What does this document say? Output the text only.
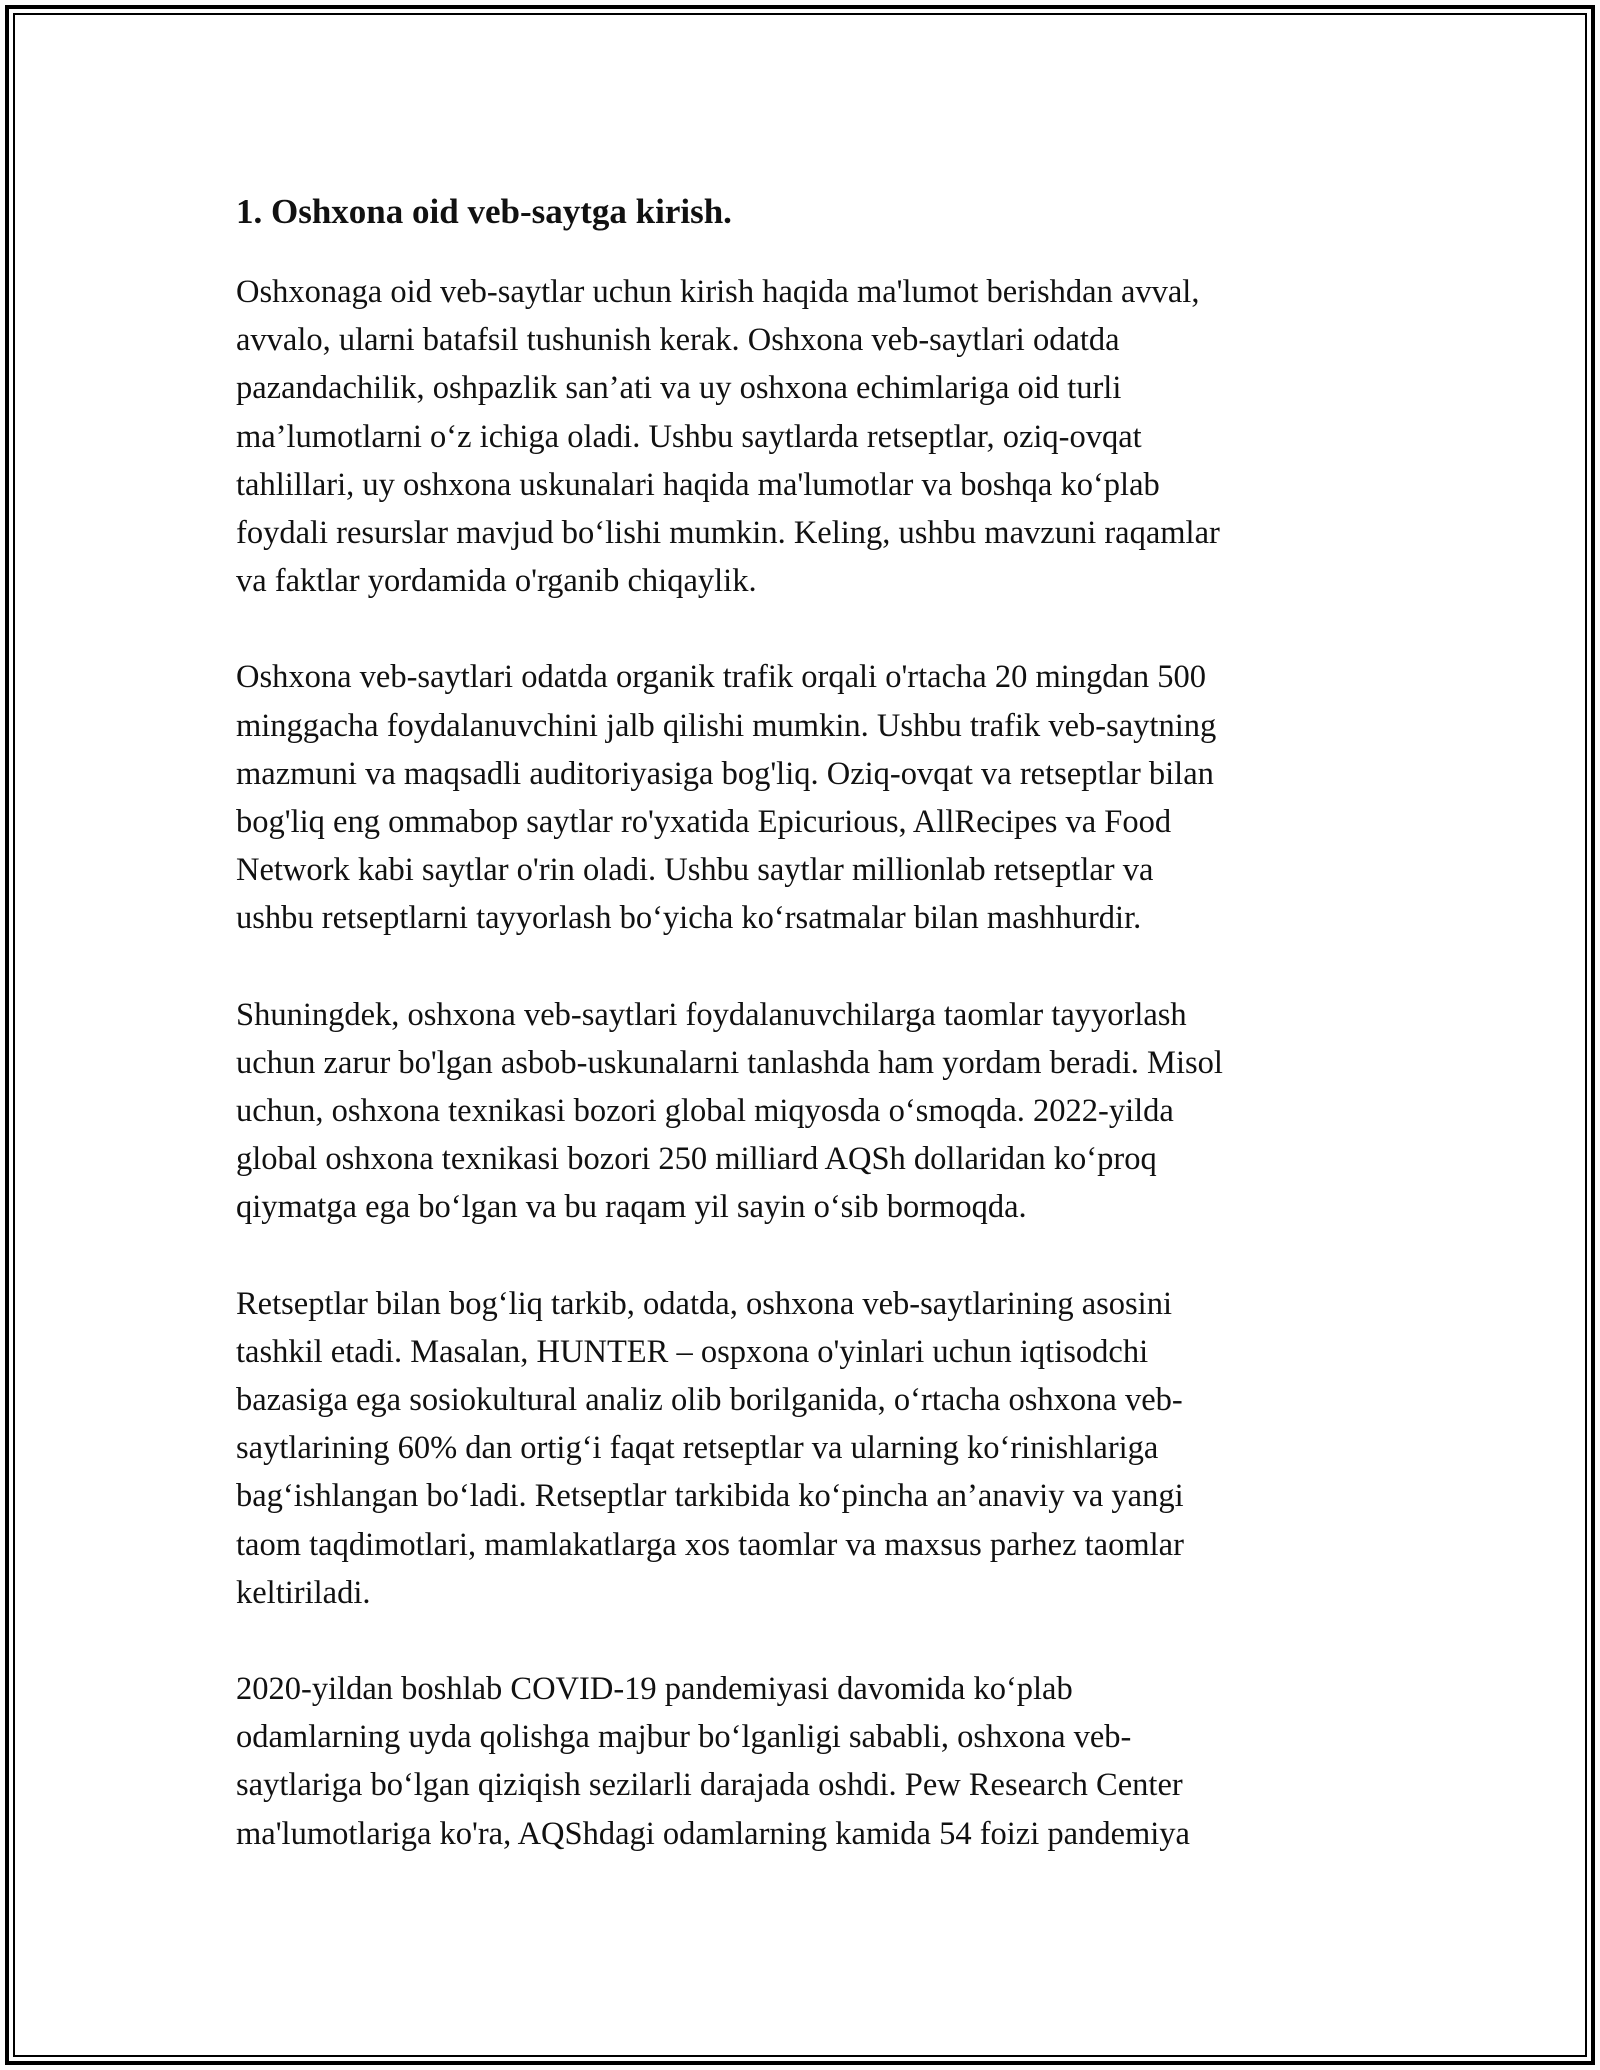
1. Oshxona oid veb-saytga kirish.

Oshxonaga oid veb-saytlar uchun kirish haqida ma'lumot berishdan avval,
avvalo, ularni batafsil tushunish kerak. Oshxona veb-saytlari odatda
pazandachilik, oshpazlik san’ati va uy oshxona echimlariga oid turli
ma’lumotlarni o‘z ichiga oladi. Ushbu saytlarda retseptlar, oziq-ovqat
tahlillari, uy oshxona uskunalari haqida ma'lumotlar va boshqa ko‘plab
foydali resurslar mavjud bo‘lishi mumkin. Keling, ushbu mavzuni raqamlar
va faktlar yordamida o'rganib chiqaylik.

Oshxona veb-saytlari odatda organik trafik orqali o'rtacha 20 mingdan 500
minggacha foydalanuvchini jalb qilishi mumkin. Ushbu trafik veb-saytning
mazmuni va maqsadli auditoriyasiga bog'liq. Oziq-ovqat va retseptlar bilan
bog'liq eng ommabop saytlar ro'yxatida Epicurious, AllRecipes va Food
Network kabi saytlar o'rin oladi. Ushbu saytlar millionlab retseptlar va
ushbu retseptlarni tayyorlash bo‘yicha ko‘rsatmalar bilan mashhurdir.

Shuningdek, oshxona veb-saytlari foydalanuvchilarga taomlar tayyorlash
uchun zarur bo'lgan asbob-uskunalarni tanlashda ham yordam beradi. Misol
uchun, oshxona texnikasi bozori global miqyosda o‘smoqda. 2022-yilda
global oshxona texnikasi bozori 250 milliard AQSh dollaridan ko‘proq
qiymatga ega bo‘lgan va bu raqam yil sayin o‘sib bormoqda.

Retseptlar bilan bog‘liq tarkib, odatda, oshxona veb-saytlarining asosini
tashkil etadi. Masalan, HUNTER – ospxona o'yinlari uchun iqtisodchi
bazasiga ega sosiokultural analiz olib borilganida, o‘rtacha oshxona veb-
saytlarining 60% dan ortig‘i faqat retseptlar va ularning ko‘rinishlariga
bag‘ishlangan bo‘ladi. Retseptlar tarkibida ko‘pincha an’anaviy va yangi
taom taqdimotlari, mamlakatlarga xos taomlar va maxsus parhez taomlar
keltiriladi.

2020-yildan boshlab COVID-19 pandemiyasi davomida ko‘plab
odamlarning uyda qolishga majbur bo‘lganligi sababli, oshxona veb-
saytlariga bo‘lgan qiziqish sezilarli darajada oshdi. Pew Research Center
ma'lumotlariga ko'ra, AQShdagi odamlarning kamida 54 foizi pandemiya
